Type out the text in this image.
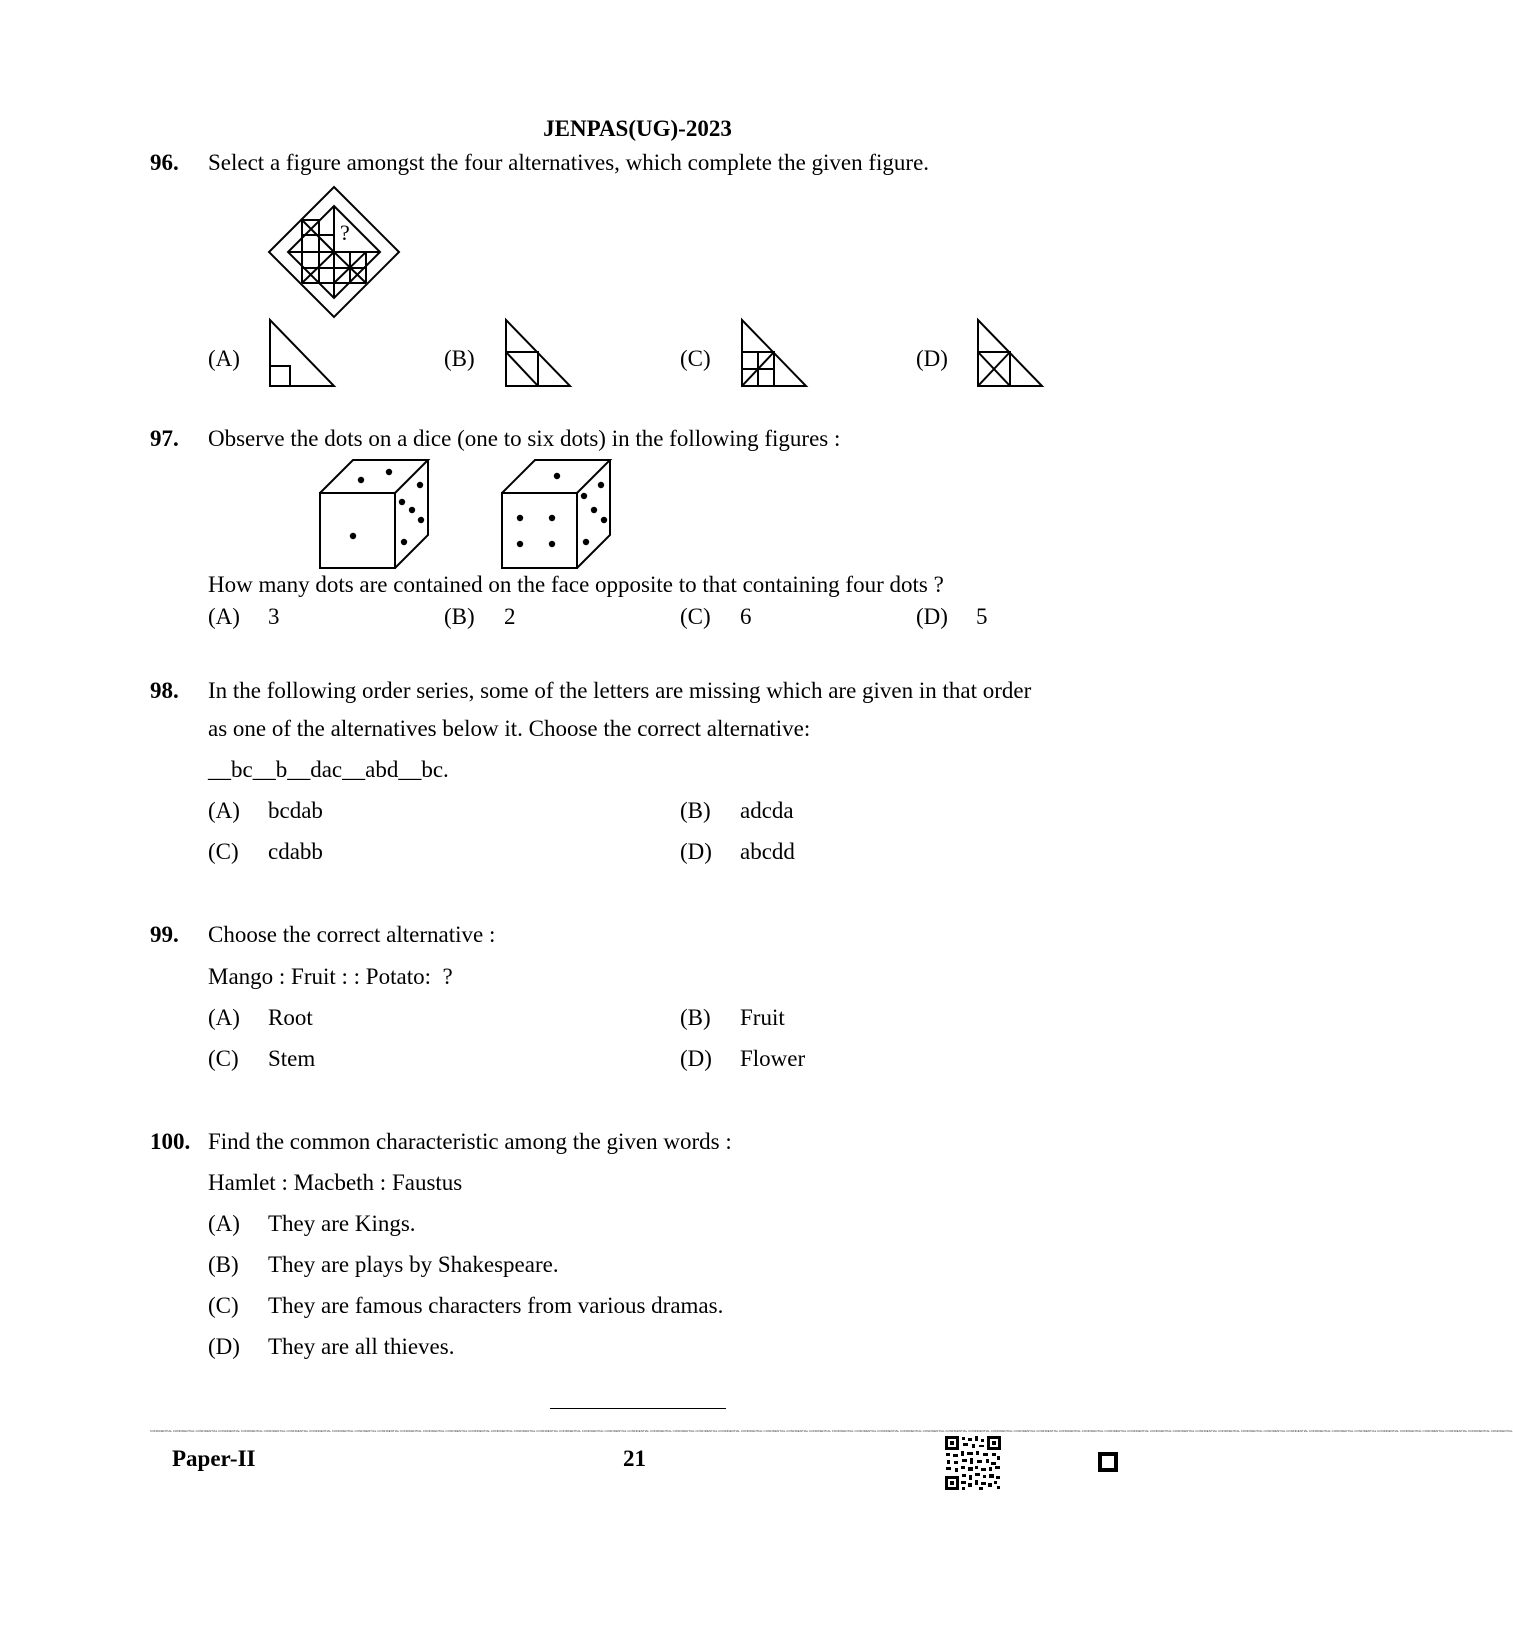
JENPAS(UG)-2023
96. Select a figure amongst the four alternatives, which complete the given figure.
?
(A)	(B)	(C)	(D)
97. Observe the dots on a dice (one to six dots) in the following figures :
How many dots are contained on the face opposite to that containing four dots ?
(A) 3	(B) 2	(C) 6	(D) 5
98. In the following order series, some of the letters are missing which are given in that order
as one of the alternatives below it. Choose the correct alternative:
__bc__b__dac__abd__bc.
(A) bcdab	(B) adcda
(C) cdabb	(D) abcdd
99. Choose the correct alternative :
Mango : Fruit : : Potato:  ?
(A) Root	(B) Fruit
(C) Stem	(D) Flower
100. Find the common characteristic among the given words :
Hamlet : Macbeth : Faustus
(A) They are Kings.
(B) They are plays by Shakespeare.
(C) They are famous characters from various dramas.
(D) They are all thieves.
CONFIDENTIAL CONFIDENTIAL CONFIDENTIAL CONFIDENTIAL CONFIDENTIAL CONFIDENTIAL CONFIDENTIAL CONFIDENTIAL CONFIDENTIAL CONFIDENTIAL CONFIDENTIAL CONFIDENTIAL CONFIDENTIAL CONFIDENTIAL CONFIDENTIAL CONFIDENTIAL CONFIDENTIAL CONFIDENTIAL CONFIDENTIAL CONFIDENTIAL CONFIDENTIAL CONFIDENTIAL CONFIDENTIAL CONFIDENTIAL CONFIDENTIAL CONFIDENTIAL CONFIDENTIAL CONFIDENTIAL CONFIDENTIAL CONFIDENTIAL CONFIDENTIAL CONFIDENTIAL CONFIDENTIAL CONFIDENTIAL CONFIDENTIAL CONFIDENTIAL CONFIDENTIAL CONFIDENTIAL CONFIDENTIAL CONFIDENTIAL CONFIDENTIAL CONFIDENTIAL CONFIDENTIAL CONFIDENTIAL CONFIDENTIAL CONFIDENTIAL CONFIDENTIAL CONFIDENTIAL CONFIDENTIAL CONFIDENTIAL CONFIDENTIAL CONFIDENTIAL CONFIDENTIAL CONFIDENTIAL CONFIDENTIAL CONFIDENTIAL CONFIDENTIAL CONFIDENTIAL CONFIDENTIAL CONFIDENTIAL
Paper-II	21
